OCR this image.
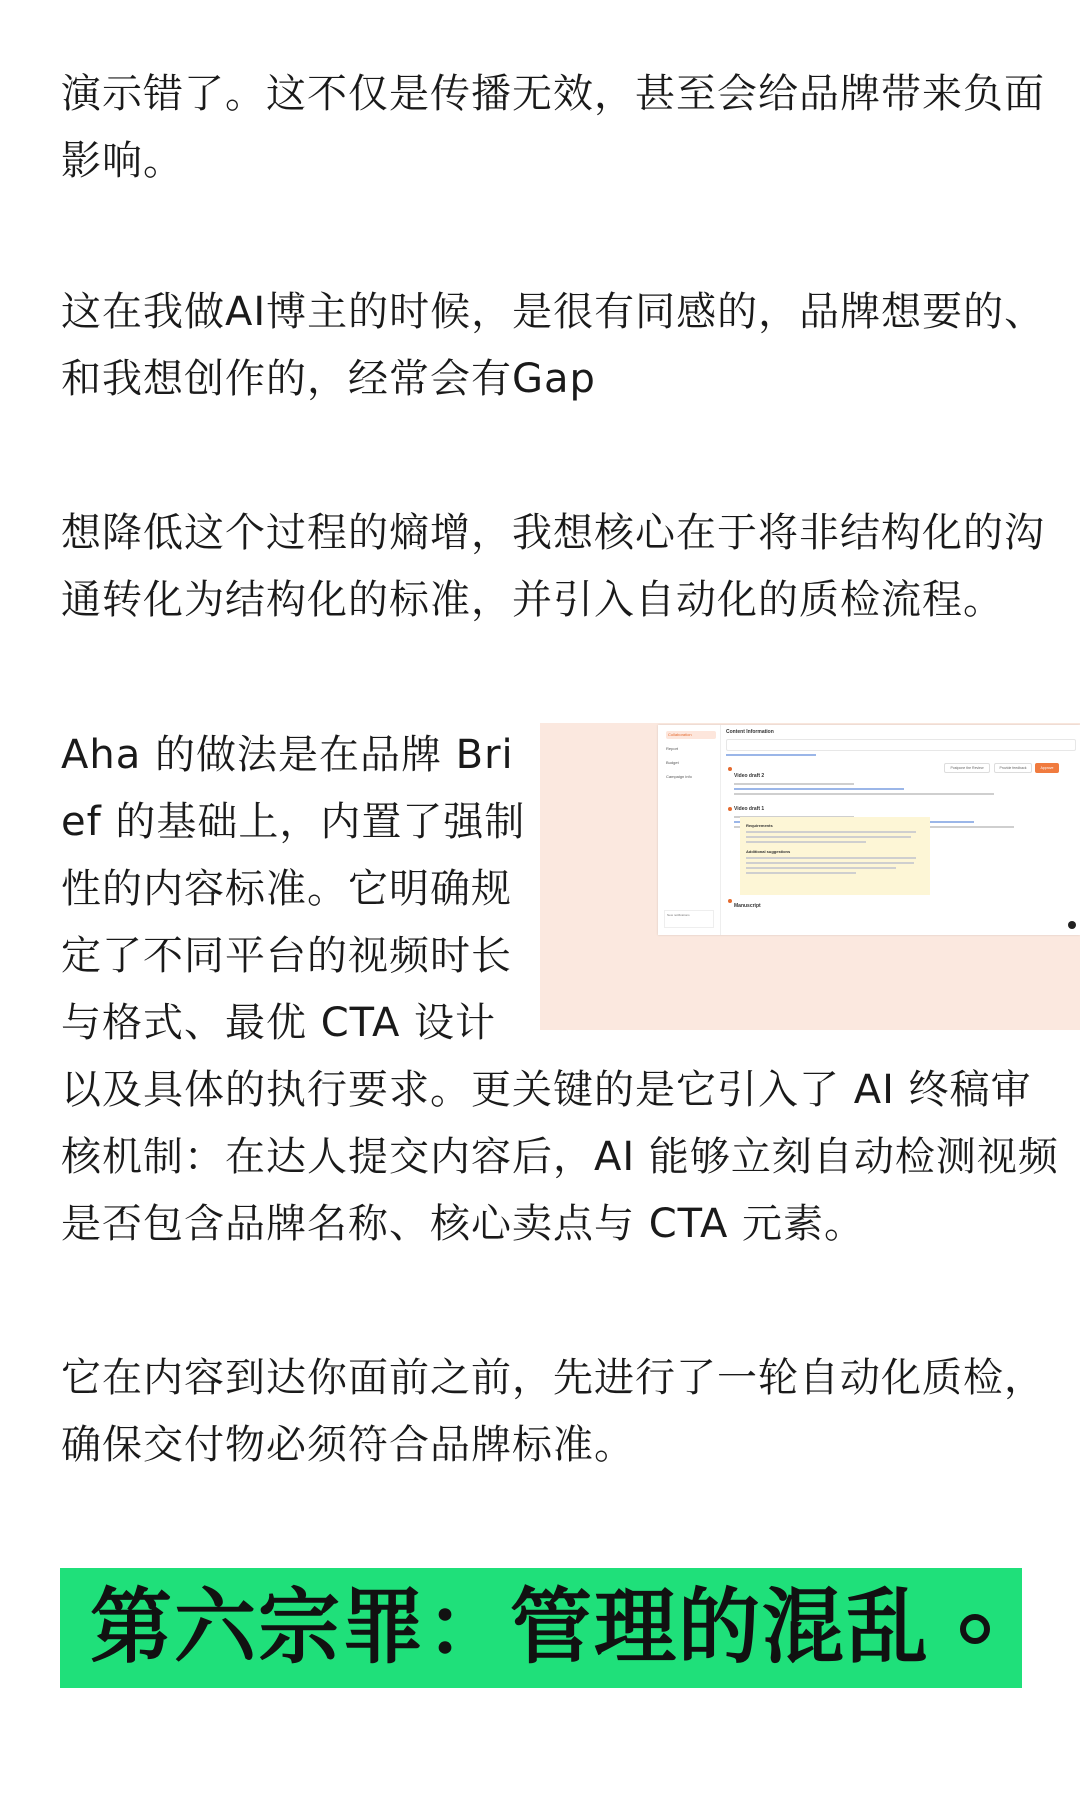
演示错了。这不仅是传播无效，甚至会给品牌带来负面
影响。
这在我做AI博主的时候，是很有同感的，品牌想要的、
和我想创作的，经常会有Gap
想降低这个过程的熵增，我想核心在于将非结构化的沟
通转化为结构化的标准，并引入自动化的质检流程。
Aha 的做法是在品牌 Bri
ef 的基础上，内置了强制
性的内容标准。它明确规
定了不同平台的视频时长
与格式、最优 CTA 设计
Collaboration
Report
Budget
Campaign info
Content Information
Video draft 2
Video draft 1
Requirements
Additional suggestions
Manuscript
Postpone the Review	Provide feedback	Approve
New notifications
以及具体的执行要求。更关键的是它引入了 AI 终稿审
核机制：在达人提交内容后，AI 能够立刻自动检测视频
是否包含品牌名称、核心卖点与 CTA 元素。
它在内容到达你面前之前，先进行了一轮自动化质检，
确保交付物必须符合品牌标准。
第六宗罪：管理的混乱
